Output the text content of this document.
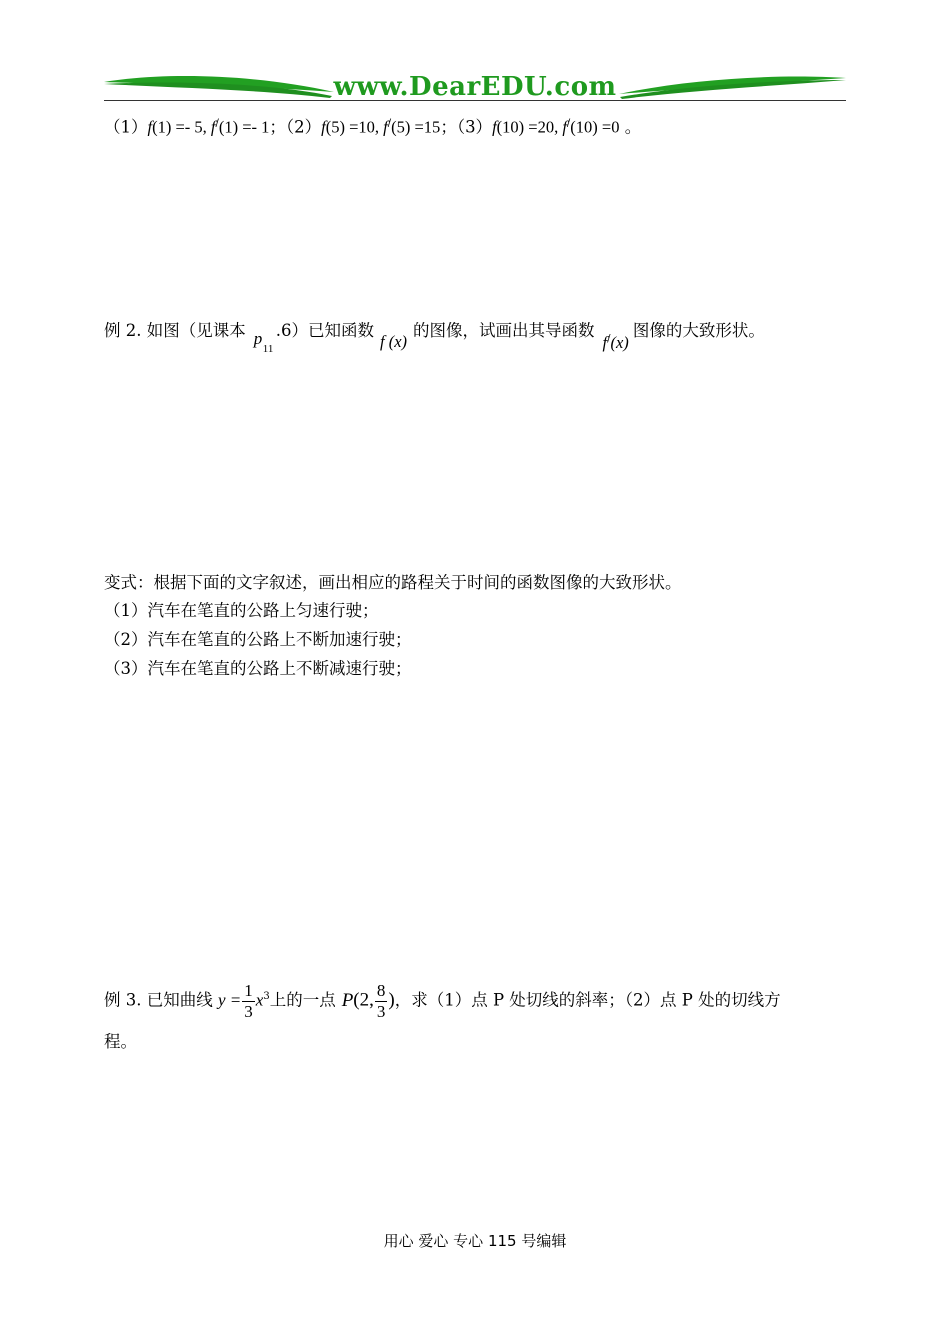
www.DearEDU.com
（1）f(1) =- 5, f/(1) =- 1；（2）f(5) =10, f/(5) =15；（3）f(10) =20, f/(10) =0 。
例 2. 如图（见课本 p
11
.6）已知函数f (x)的图像，试画出其导函数f/(x)图像的大致形状。
变式：根据下面的文字叙述，画出相应的路程关于时间的函数图像的大致形状。
（1）汽车在笔直的公路上匀速行驶；
（2）汽车在笔直的公路上不断加速行驶；
（3）汽车在笔直的公路上不断减速行驶；
例 3. 已知曲线 $y = \frac{1}{3} x^3$上的一点 P(2, $\frac{8}{3}$ )，求（1）点 P 处切线的斜率；（2）点 P 处的切线方
程。
用心 爱心 专心 115 号编辑
